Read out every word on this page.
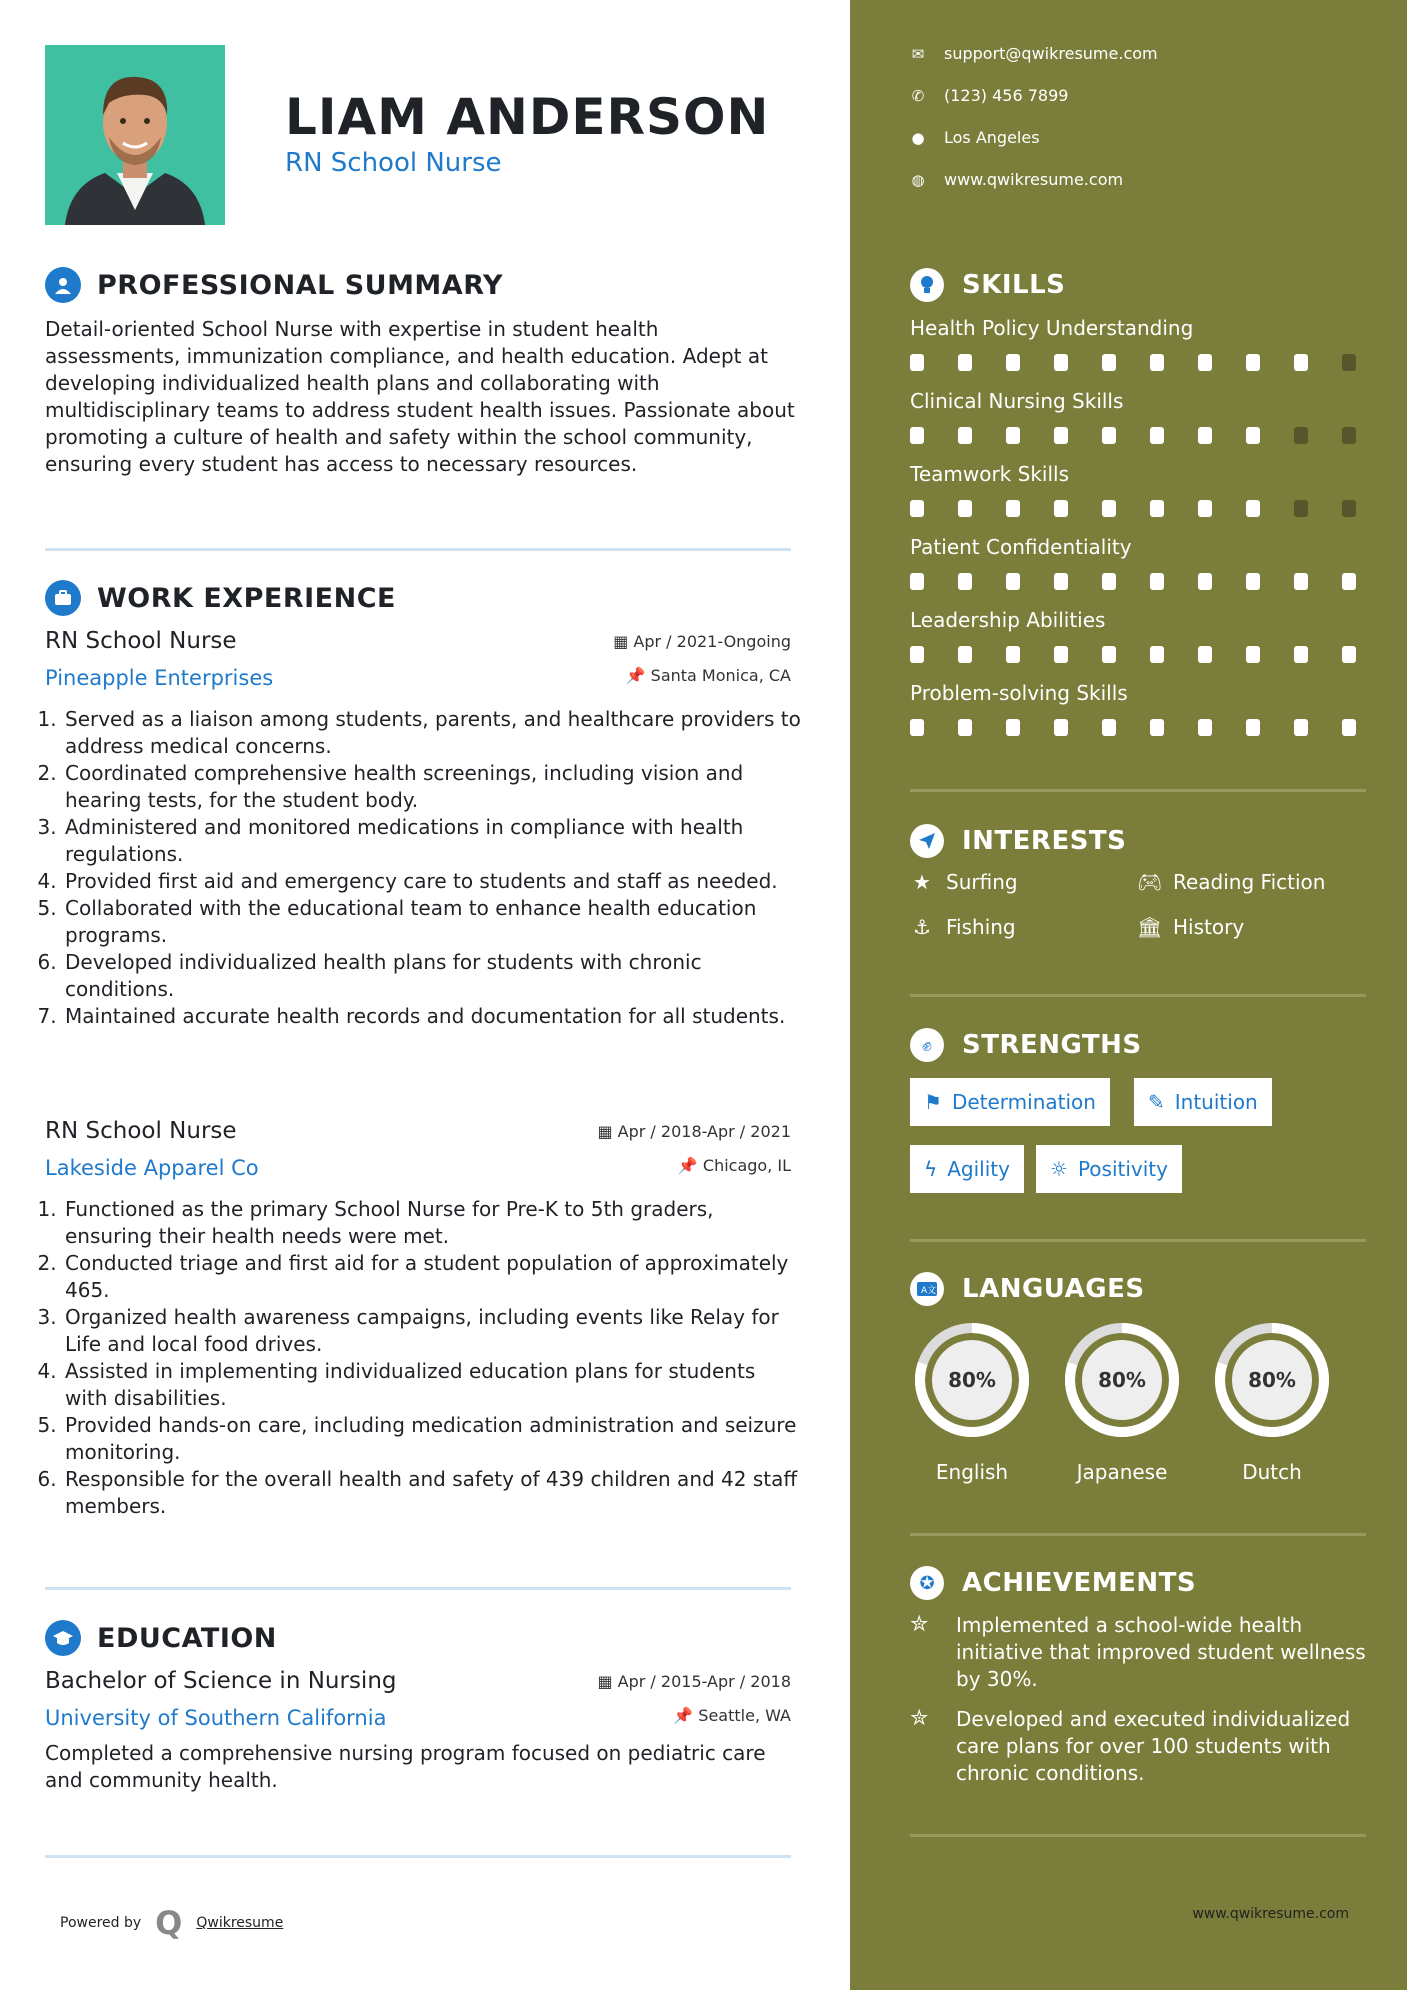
LIAM ANDERSON
RN School Nurse
PROFESSIONAL SUMMARY
Detail-oriented School Nurse with expertise in student health assessments, immunization compliance, and health education. Adept at developing individualized health plans and collaborating with multidisciplinary teams to address student health issues. Passionate about promoting a culture of health and safety within the school community, ensuring every student has access to necessary resources.
WORK EXPERIENCE
RN School Nurse	▦ Apr / 2021-Ongoing
Pineapple Enterprises	📌 Santa Monica, CA
1. Served as a liaison among students, parents, and healthcare providers to address medical concerns.
2. Coordinated comprehensive health screenings, including vision and hearing tests, for the student body.
3. Administered and monitored medications in compliance with health regulations.
4. Provided first aid and emergency care to students and staff as needed.
5. Collaborated with the educational team to enhance health education programs.
6. Developed individualized health plans for students with chronic conditions.
7. Maintained accurate health records and documentation for all students.
RN School Nurse	▦ Apr / 2018-Apr / 2021
Lakeside Apparel Co	📌 Chicago, IL
1. Functioned as the primary School Nurse for Pre-K to 5th graders, ensuring their health needs were met.
2. Conducted triage and first aid for a student population of approximately 465.
3. Organized health awareness campaigns, including events like Relay for Life and local food drives.
4. Assisted in implementing individualized education plans for students with disabilities.
5. Provided hands-on care, including medication administration and seizure monitoring.
6. Responsible for the overall health and safety of 439 children and 42 staff members.
EDUCATION
Bachelor of Science in Nursing	▦ Apr / 2015-Apr / 2018
University of Southern California	📌 Seattle, WA
Completed a comprehensive nursing program focused on pediatric care and community health.
Powered by Q Qwikresume
✉ support@qwikresume.com
✆ (123) 456 7899
● Los Angeles
◍ www.qwikresume.com
SKILLS
Health Policy Understanding
Clinical Nursing Skills
Teamwork Skills
Patient Confidentiality
Leadership Abilities
Problem-solving Skills
INTERESTS
★ Surfing	🎮︎ Reading Fiction
⚓︎ Fishing	🏛︎ History
✊︎	STRENGTHS
⚑ Determination	✎ Intuition
ϟ Agility ☼ Positivity
A文 LANGUAGES
80%
English
80%
Japanese
80%
Dutch
✪	ACHIEVEMENTS
✮	Implemented a school-wide health initiative that improved student wellness by 30%.
✮	Developed and executed individualized care plans for over 100 students with chronic conditions.
www.qwikresume.com
